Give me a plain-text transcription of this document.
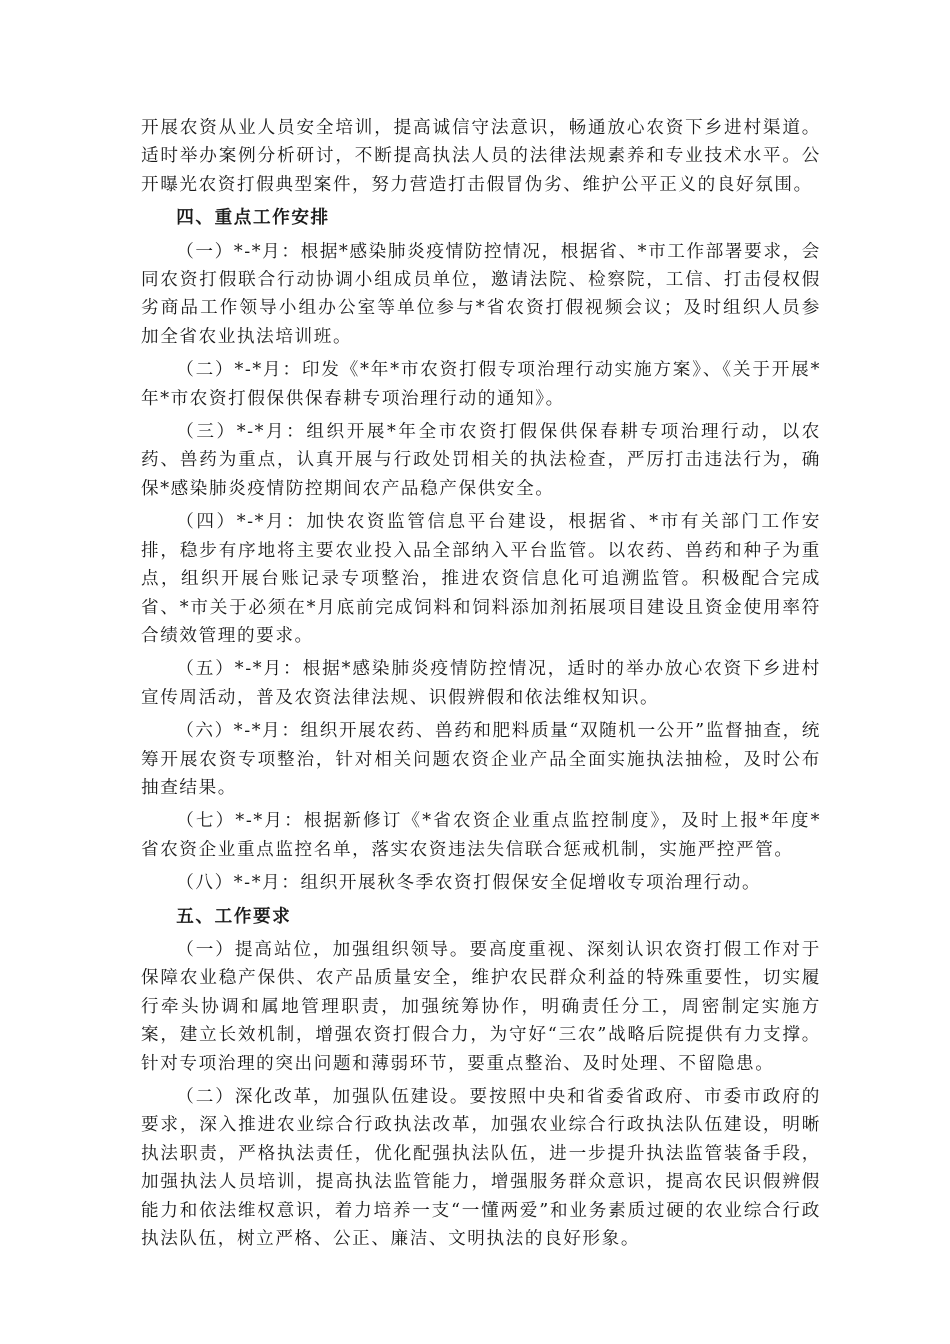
开展农资从业人员安全培训，提高诚信守法意识，畅通放心农资下乡进村渠道。适时举办案例分析研讨，不断提高执法人员的法律法规素养和专业技术水平。公开曝光农资打假典型案件，努力营造打击假冒伪劣、维护公平正义的良好氛围。

四、重点工作安排

（一）*-*月：根据*感染肺炎疫情防控情况，根据省、*市工作部署要求，会同农资打假联合行动协调小组成员单位，邀请法院、检察院，工信、打击侵权假劣商品工作领导小组办公室等单位参与*省农资打假视频会议；及时组织人员参加全省农业执法培训班。

（二）*-*月：印发《*年*市农资打假专项治理行动实施方案》、《关于开展*年*市农资打假保供保春耕专项治理行动的通知》。

（三）*-*月：组织开展*年全市农资打假保供保春耕专项治理行动，以农药、兽药为重点，认真开展与行政处罚相关的执法检查，严厉打击违法行为，确保*感染肺炎疫情防控期间农产品稳产保供安全。

（四）*-*月：加快农资监管信息平台建设，根据省、*市有关部门工作安排，稳步有序地将主要农业投入品全部纳入平台监管。以农药、兽药和种子为重点，组织开展台账记录专项整治，推进农资信息化可追溯监管。积极配合完成省、*市关于必须在*月底前完成饲料和饲料添加剂拓展项目建设且资金使用率符合绩效管理的要求。

（五）*-*月：根据*感染肺炎疫情防控情况，适时的举办放心农资下乡进村宣传周活动，普及农资法律法规、识假辨假和依法维权知识。

（六）*-*月：组织开展农药、兽药和肥料质量“双随机一公开”监督抽查，统筹开展农资专项整治，针对相关问题农资企业产品全面实施执法抽检，及时公布抽查结果。

（七）*-*月：根据新修订《*省农资企业重点监控制度》，及时上报*年度*省农资企业重点监控名单，落实农资违法失信联合惩戒机制，实施严控严管。

（八）*-*月：组织开展秋冬季农资打假保安全促增收专项治理行动。

五、工作要求

（一）提高站位，加强组织领导。要高度重视、深刻认识农资打假工作对于保障农业稳产保供、农产品质量安全，维护农民群众利益的特殊重要性，切实履行牵头协调和属地管理职责，加强统筹协作，明确责任分工，周密制定实施方案，建立长效机制，增强农资打假合力，为守好“三农”战略后院提供有力支撑。针对专项治理的突出问题和薄弱环节，要重点整治、及时处理、不留隐患。

（二）深化改革，加强队伍建设。要按照中央和省委省政府、市委市政府的要求，深入推进农业综合行政执法改革，加强农业综合行政执法队伍建设，明晰执法职责，严格执法责任，优化配强执法队伍，进一步提升执法监管装备手段，加强执法人员培训，提高执法监管能力，增强服务群众意识，提高农民识假辨假能力和依法维权意识，着力培养一支“一懂两爱”和业务素质过硬的农业综合行政执法队伍，树立严格、公正、廉洁、文明执法的良好形象。
